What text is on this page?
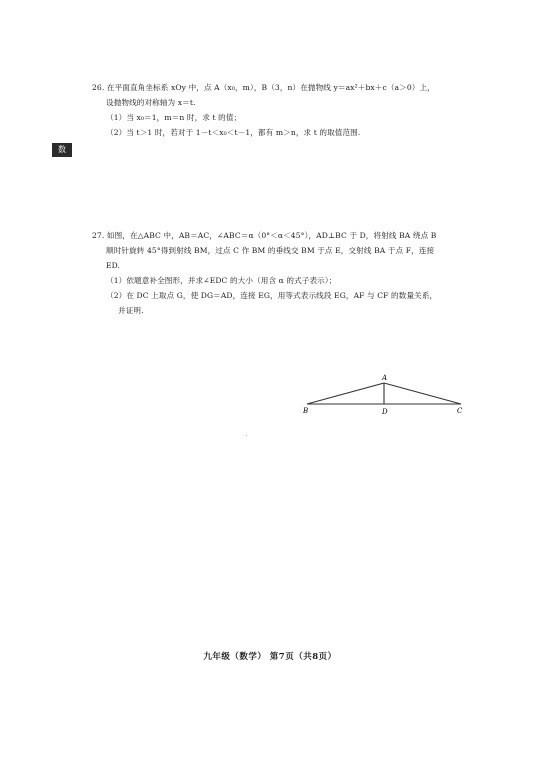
数

26. 在平面直角坐标系 xOy 中，点 A（x₀，m），B（3，n）在抛物线 y＝ax²＋bx＋c（a＞0）上，

设抛物线的对称轴为 x＝t.

（1）当 x₀＝1，m＝n 时，求 t 的值；

（2）当 t＞1 时，若对于 1－t＜x₀＜t－1，都有 m＞n，求 t 的取值范围.

27. 如图，在△ABC 中，AB＝AC，∠ABC＝α（0°＜α＜45°），AD⊥BC 于 D，将射线 BA 绕点 B

顺时针旋转 45°得到射线 BM，过点 C 作 BM 的垂线交 BM 于点 E，交射线 BA 于点 F，连接

ED.

（1）依题意补全图形，并求∠EDC 的大小（用含 α 的式子表示）；

（2）在 DC 上取点 G，使 DG＝AD，连接 EG，用等式表示线段 EG，AF 与 CF 的数量关系，

并证明.

A
B	D	C
九年级（数学） 第7页（共8页）
